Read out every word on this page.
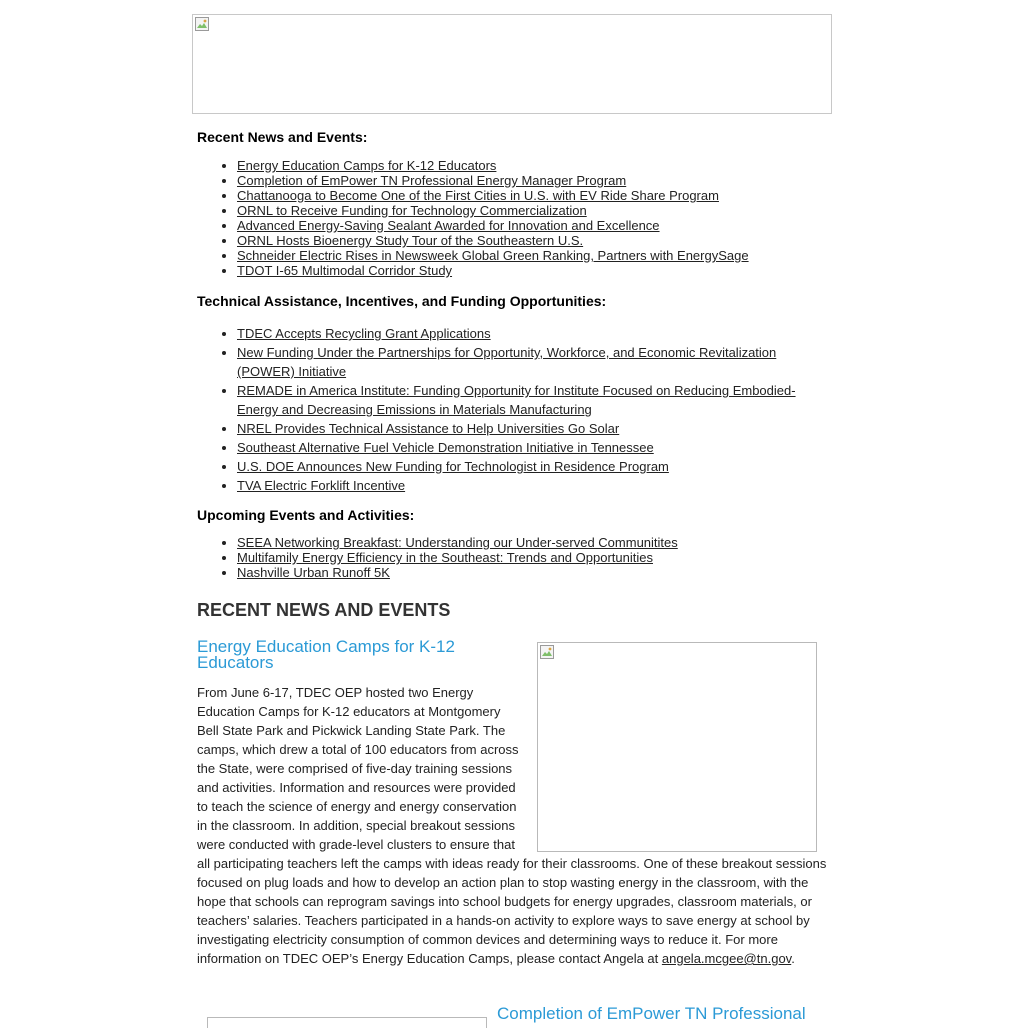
Recent News and Events:
• Energy Education Camps for K-12 Educators
• Completion of EmPower TN Professional Energy Manager Program
• Chattanooga to Become One of the First Cities in U.S. with EV Ride Share Program
• ORNL to Receive Funding for Technology Commercialization
• Advanced Energy-Saving Sealant Awarded for Innovation and Excellence
• ORNL Hosts Bioenergy Study Tour of the Southeastern U.S.
• Schneider Electric Rises in Newsweek Global Green Ranking, Partners with EnergySage
• TDOT I-65 Multimodal Corridor Study
Technical Assistance, Incentives, and Funding Opportunities:
• TDEC Accepts Recycling Grant Applications
• New Funding Under the Partnerships for Opportunity, Workforce, and Economic Revitalization (POWER) Initiative
• REMADE in America Institute: Funding Opportunity for Institute Focused on Reducing Embodied-Energy and Decreasing Emissions in Materials Manufacturing
• NREL Provides Technical Assistance to Help Universities Go Solar
• Southeast Alternative Fuel Vehicle Demonstration Initiative in Tennessee
• U.S. DOE Announces New Funding for Technologist in Residence Program
• TVA Electric Forklift Incentive
Upcoming Events and Activities:
• SEEA Networking Breakfast: Understanding our Under-served Communitites
• Multifamily Energy Efficiency in the Southeast: Trends and Opportunities
• Nashville Urban Runoff 5K
RECENT NEWS AND EVENTS
Energy Education Camps for K-12 Educators

From June 6-17, TDEC OEP hosted two Energy Education Camps for K-12 educators at Montgomery Bell State Park and Pickwick Landing State Park. The camps, which drew a total of 100 educators from across the State, were comprised of five-day training sessions and activities. Information and resources were provided to teach the science of energy and energy conservation in the classroom. In addition, special breakout sessions were conducted with grade-level clusters to ensure that all participating teachers left the camps with ideas ready for their classrooms. One of these breakout sessions focused on plug loads and how to develop an action plan to stop wasting energy in the classroom, with the hope that schools can reprogram savings into school budgets for energy upgrades, classroom materials, or teachers’ salaries. Teachers participated in a hands-on activity to explore ways to save energy at school by investigating electricity consumption of common devices and determining ways to reduce it. For more information on TDEC OEP’s Energy Education Camps, please contact Angela at angela.mcgee@tn.gov.

Completion of EmPower TN Professional
